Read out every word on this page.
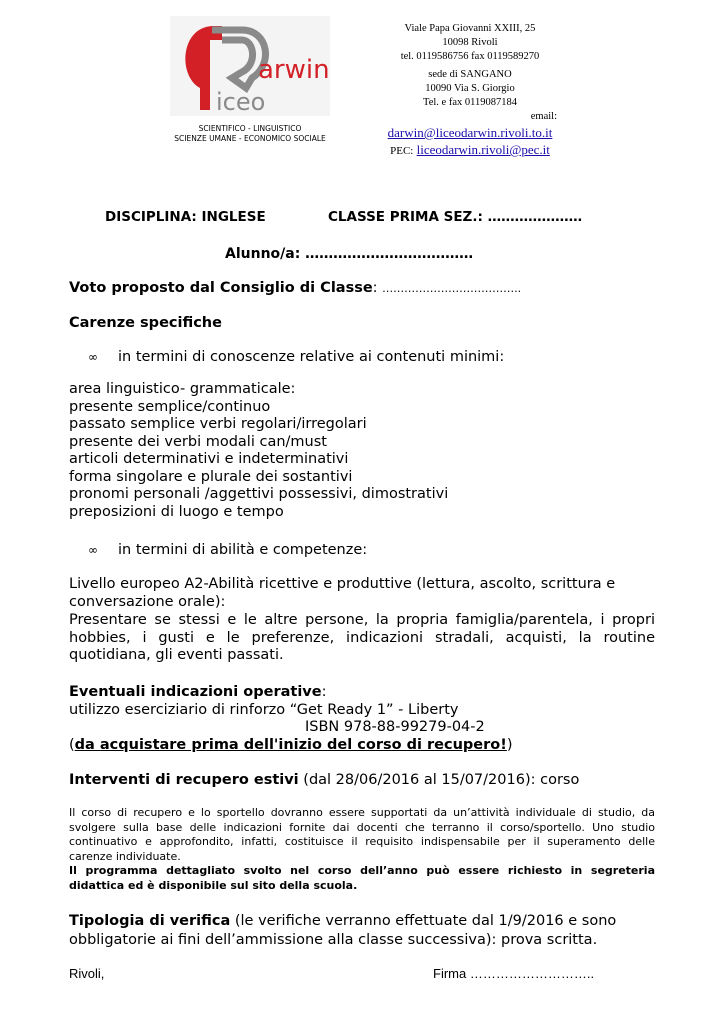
arwin
iceo
SCIENTIFICO - LINGUISTICO
SCIENZE UMANE - ECONOMICO SOCIALE
Viale Papa Giovanni XXIII, 25
10098 Rivoli
tel. 0119586756 fax 0119589270
sede di SANGANO
10090 Via S. Giorgio
Tel. e fax 0119087184
email:
darwin@liceodarwin.rivoli.to.it
PEC: liceodarwin.rivoli@pec.it
DISCIPLINA: INGLESE	CLASSE PRIMA SEZ.: …………………
Alunno/a: ………………………………
Voto proposto dal Consiglio di Classe: ………………………………..
Carenze specifiche
∞ in termini di conoscenze relative ai contenuti minimi:
area linguistico- grammaticale:
presente semplice/continuo
passato semplice verbi regolari/irregolari
presente dei verbi modali can/must
articoli determinativi e indeterminativi
forma singolare e plurale dei sostantivi
pronomi personali /aggettivi possessivi, dimostrativi
preposizioni di luogo e tempo
∞ in termini di abilità e competenze:
Livello europeo A2-Abilità ricettive e produttive (lettura, ascolto, scrittura e conversazione orale):
Presentare se stessi e le altre persone, la propria famiglia/parentela, i propri hobbies, i gusti e le preferenze, indicazioni stradali, acquisti, la routine quotidiana, gli eventi passati.
Eventuali indicazioni operative:
utilizzo eserciziario di rinforzo “Get Ready 1” - Liberty
ISBN 978-88-99279-04-2
(da acquistare prima dell'inizio del corso di recupero!)
Interventi di recupero estivi (dal 28/06/2016 al 15/07/2016): corso
Il corso di recupero e lo sportello dovranno essere supportati da un’attività individuale di studio, da svolgere sulla base delle indicazioni fornite dai docenti che terranno il corso/sportello. Uno studio continuativo e approfondito, infatti, costituisce il requisito indispensabile per il superamento delle carenze individuate.
Il programma dettagliato svolto nel corso dell’anno può essere richiesto in segreteria didattica ed è disponibile sul sito della scuola.
Tipologia di verifica (le verifiche verranno effettuate dal 1/9/2016 e sono obbligatorie ai fini dell’ammissione alla classe successiva): prova scritta.
Rivoli,	Firma ………………………..
